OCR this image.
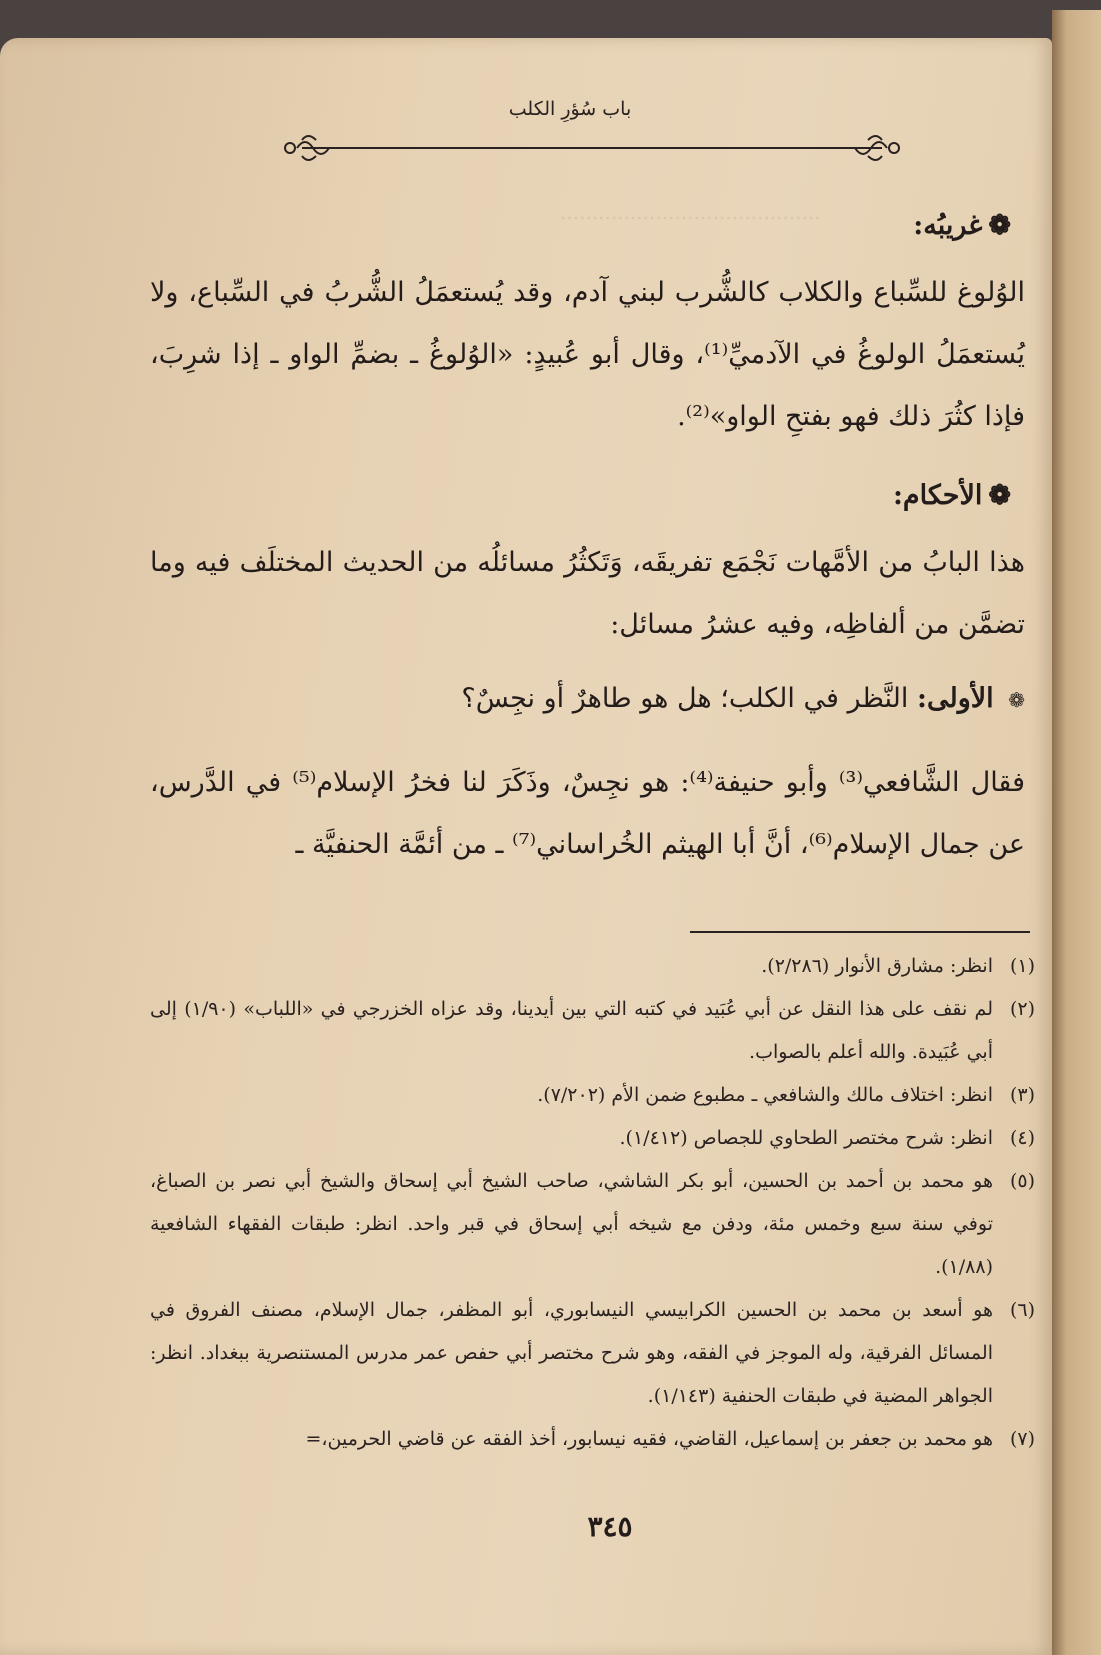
باب سُؤرِ الكلب
.........................................	❁غريبُه:
الوُلوغ للسِّباع والكلاب كالشُّرب لبني آدم، وقد يُستعمَلُ الشُّربُ في السِّباع، ولا يُستعمَلُ الولوغُ في الآدميِّ⁽¹⁾، وقال أبو عُبيدٍ: «الوُلوغُ ـ بضمِّ الواو ـ إذا شرِبَ، فإذا كثُرَ ذلك فهو بفتحِ الواو»⁽²⁾.
❁الأحكام:
هذا البابُ من الأمَّهات نَجْمَع تفريقَه، وَتَكثُرُ مسائلُه من الحديث المختلَف فيه وما تضمَّن من ألفاظِه، وفيه عشرُ مسائل:
❁ الأولى: النَّظر في الكلب؛ هل هو طاهرٌ أو نجِسٌ؟
فقال الشَّافعي⁽³⁾ وأبو حنيفة⁽⁴⁾: هو نجِسٌ، وذَكَرَ لنا فخرُ الإسلام⁽⁵⁾ في الدَّرس، عن جمال الإسلام⁽⁶⁾، أنَّ أبا الهيثم الخُراساني⁽⁷⁾ ـ من أئمَّة الحنفيَّة ـ
(١)
انظر: مشارق الأنوار (٢/٢٨٦).
(٢)
لم نقف على هذا النقل عن أبي عُبَيد في كتبه التي بين أيدينا، وقد عزاه الخزرجي في «اللباب» (١/٩٠) إلى أبي عُبَيدة. والله أعلم بالصواب.
(٣)
انظر: اختلاف مالك والشافعي ـ مطبوع ضمن الأم (٧/٢٠٢).
(٤)
انظر: شرح مختصر الطحاوي للجصاص (١/٤١٢).
(٥)
هو محمد بن أحمد بن الحسين، أبو بكر الشاشي، صاحب الشيخ أبي إسحاق والشيخ أبي نصر بن الصباغ، توفي سنة سبع وخمس مئة، ودفن مع شيخه أبي إسحاق في قبر واحد. انظر: طبقات الفقهاء الشافعية (١/٨٨).
(٦)
هو أسعد بن محمد بن الحسين الكرابيسي النيسابوري، أبو المظفر، جمال الإسلام، مصنف الفروق في المسائل الفرقية، وله الموجز في الفقه، وهو شرح مختصر أبي حفص عمر مدرس المستنصرية ببغداد. انظر: الجواهر المضية في طبقات الحنفية (١/١٤٣).
(٧)
هو محمد بن جعفر بن إسماعيل، القاضي، فقيه نيسابور، أخذ الفقه عن قاضي الحرمين،=
٣٤٥
